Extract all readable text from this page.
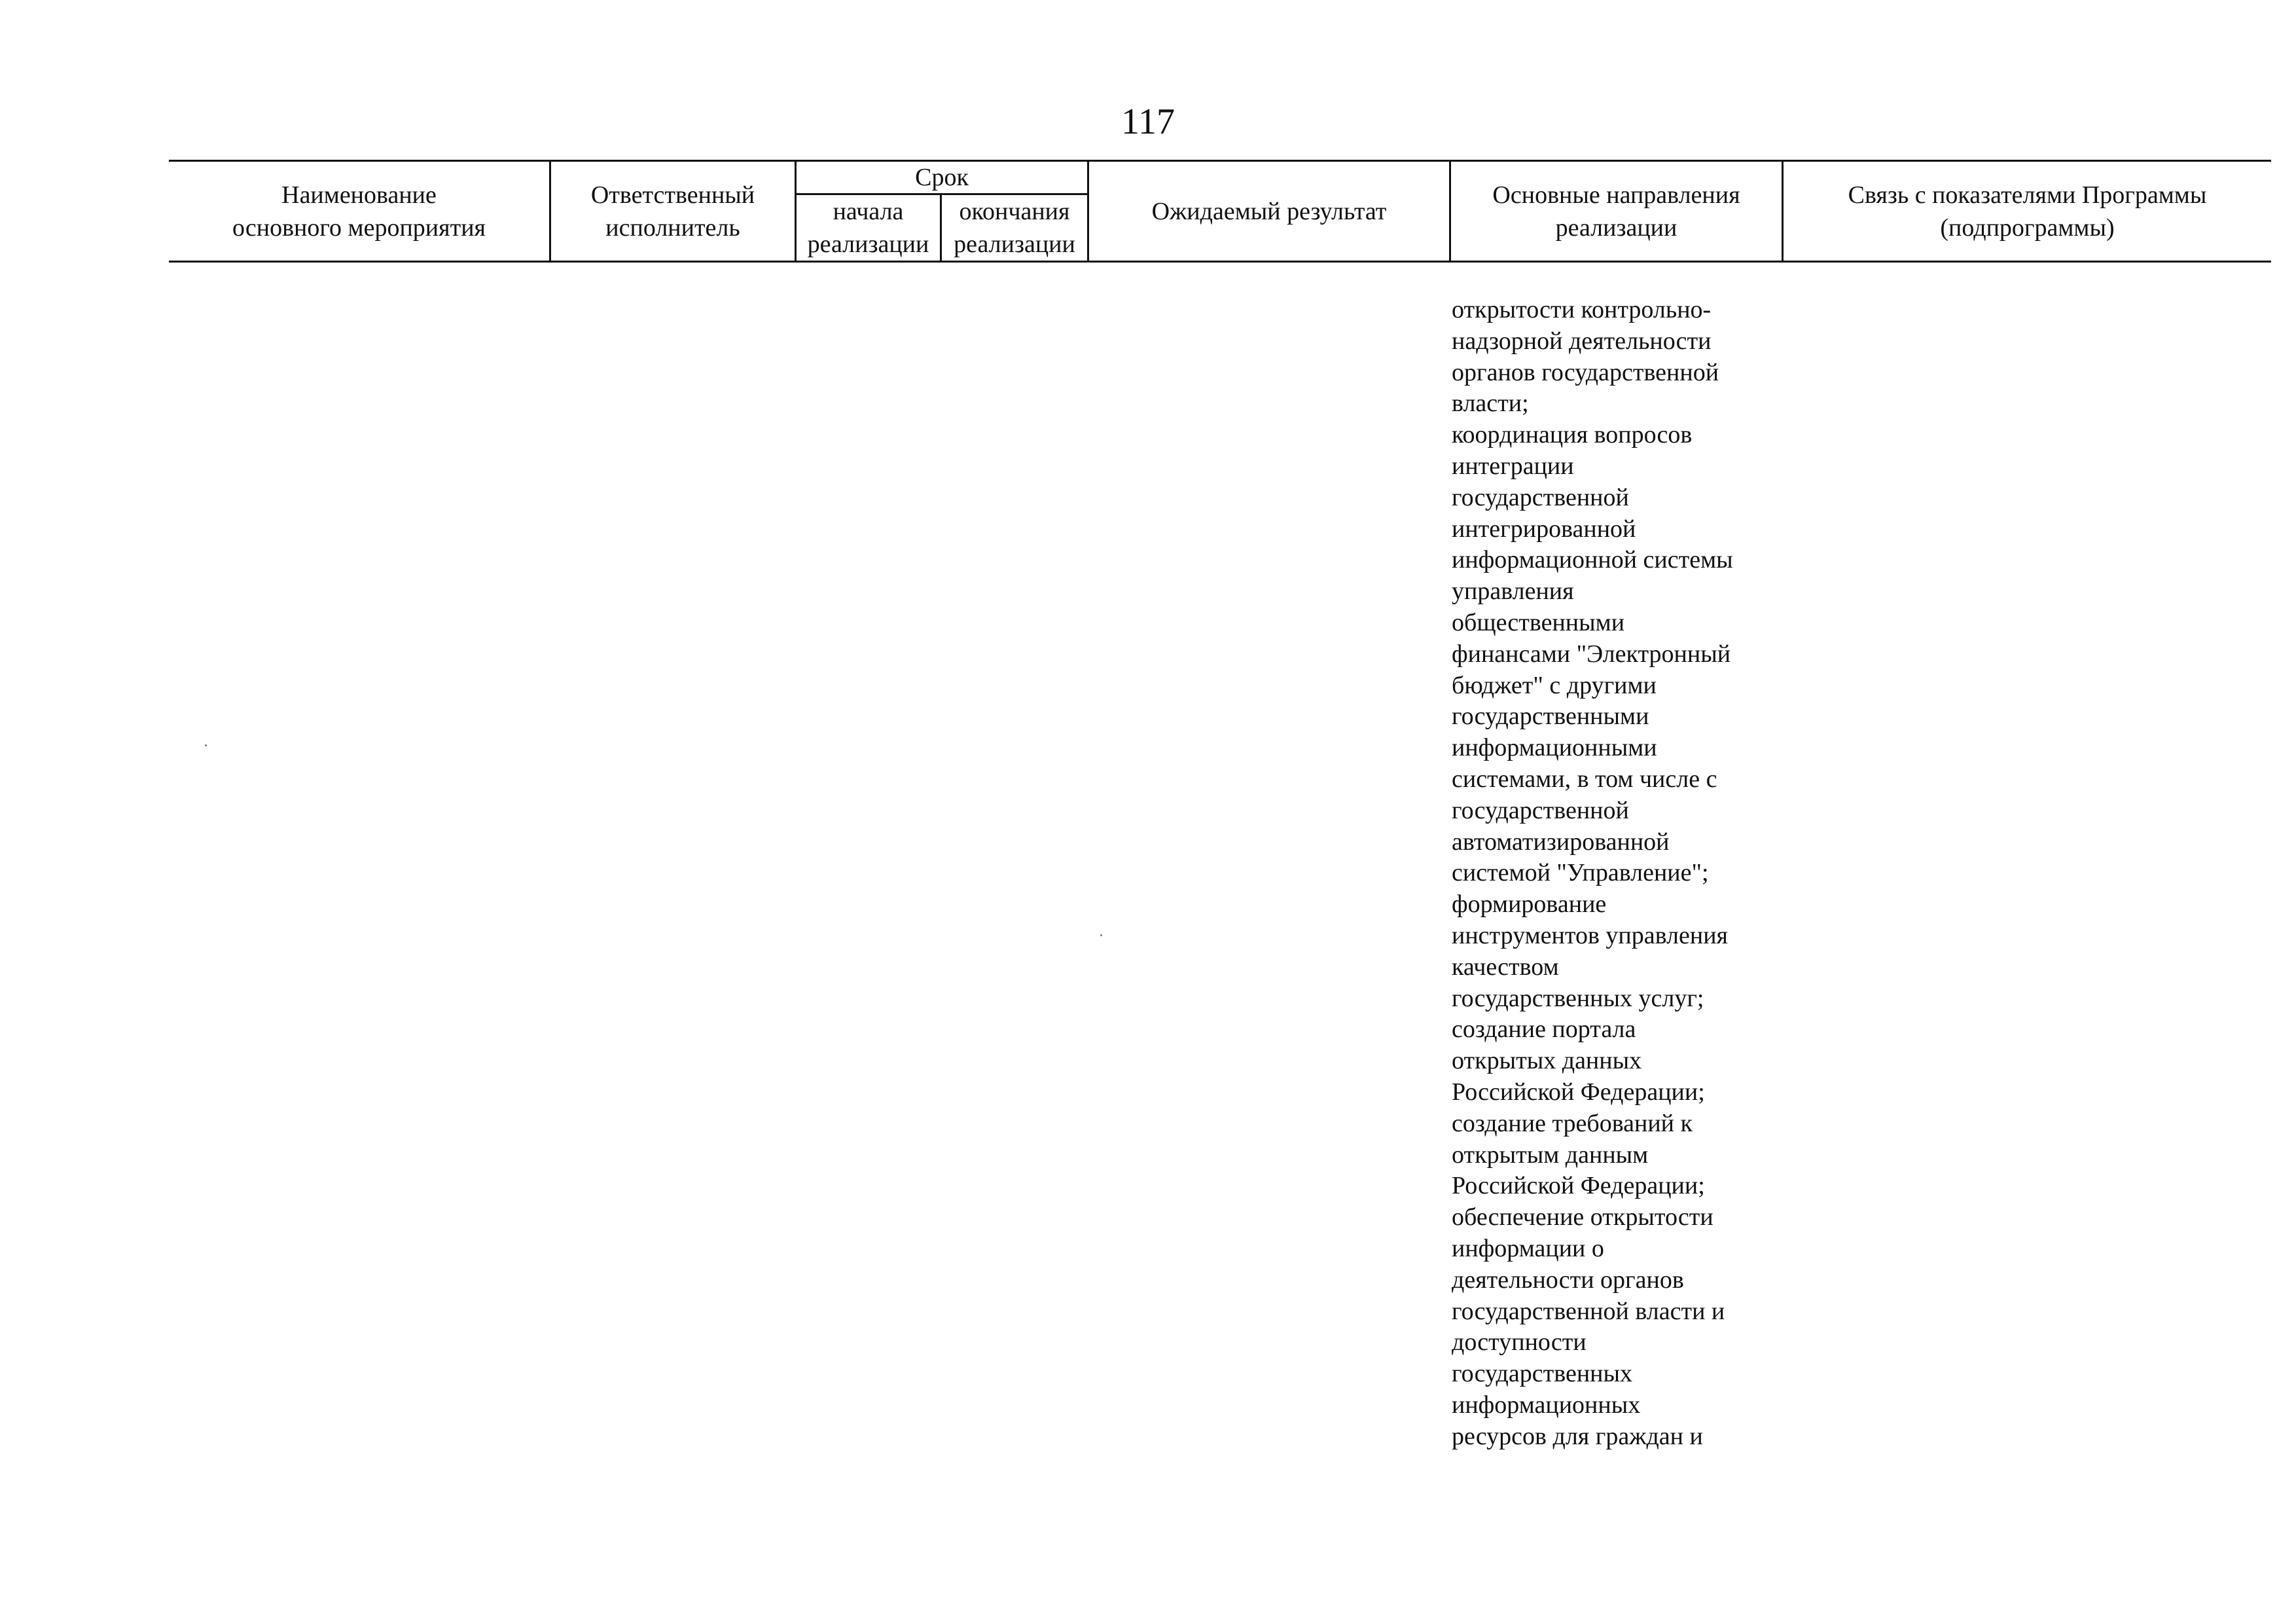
117
Наименование
основного мероприятия
Ответственный
исполнитель
Срок
начала
реализации
окончания
реализации
Ожидаемый результат
Основные направления
реализации
Связь с показателями Программы
(подпрограммы)
открытости контрольно-
надзорной деятельности
органов государственной
власти;
координация вопросов
интеграции
государственной
интегрированной
информационной системы
управления
общественными
финансами "Электронный
бюджет" с другими
государственными
информационными
системами, в том числе с
государственной
автоматизированной
системой "Управление";
формирование
инструментов управления
качеством
государственных услуг;
создание портала
открытых данных
Российской Федерации;
создание требований к
открытым данным
Российской Федерации;
обеспечение открытости
информации о
деятельности органов
государственной власти и
доступности
государственных
информационных
ресурсов для граждан и
